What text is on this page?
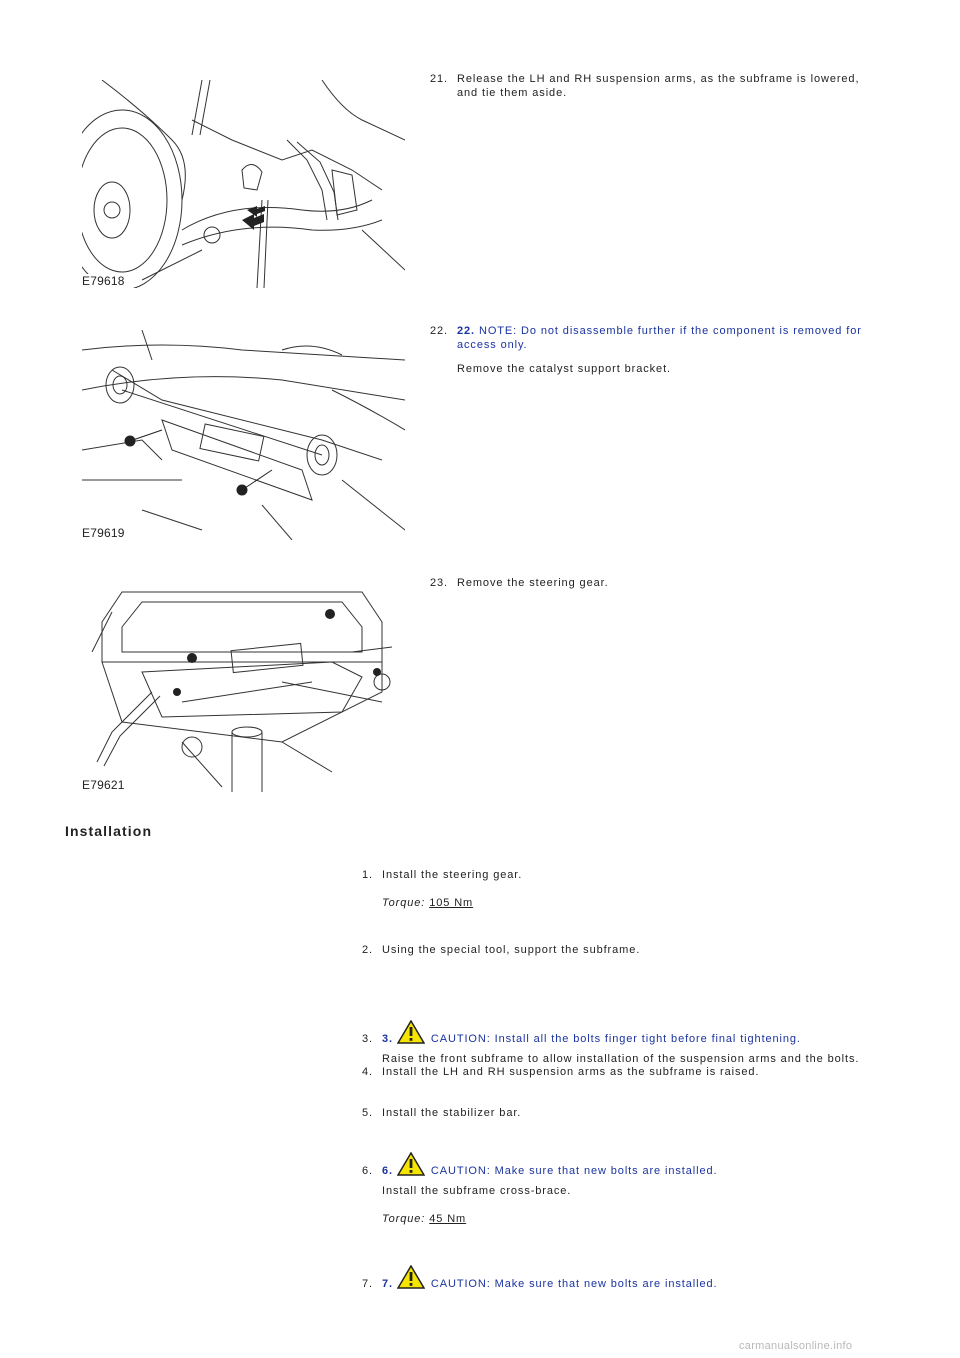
E79618
21. Release the LH and RH suspension arms, as the subframe is lowered,
and tie them aside.
E79619
22. 22. NOTE: Do not disassemble further if the component is removed for
access only.
Remove the catalyst support bracket.
E79621
23. Remove the steering gear.
Installation
1. Install the steering gear.
Torque: 105 Nm
2. Using the special tool, support the subframe.
3. 3.	CAUTION: Install all the bolts finger tight before final tightening.
Raise the front subframe to allow installation of the suspension arms and the bolts.
4. Install the LH and RH suspension arms as the subframe is raised.
5. Install the stabilizer bar.
6. 6.	CAUTION: Make sure that new bolts are installed.
Install the subframe cross-brace.
Torque: 45 Nm
7. 7.	CAUTION: Make sure that new bolts are installed.
carmanualsonline.info
